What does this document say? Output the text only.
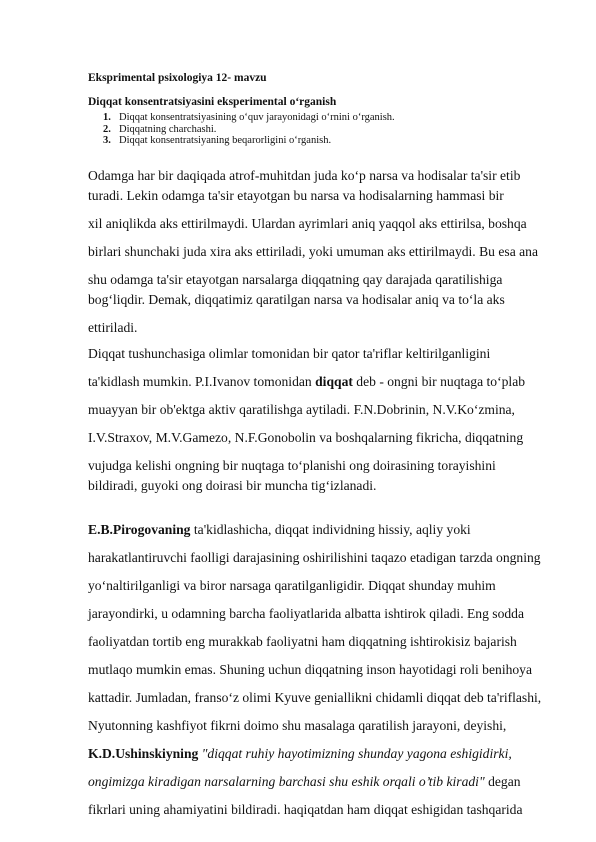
Eksprimental psixologiya 12- mavzu
Diqqat konsentratsiyasini eksperimental o‘rganish
1. Diqqat konsentratsiyasining o‘quv jarayonidagi o‘rnini o‘rganish.
2. Diqqatning charchashi.
3. Diqqat konsentratsiyaning beqarorligini o‘rganish.
Odamga har bir daqiqada atrof-muhitdan juda ko‘p narsa va hodisalar ta'sir etib
turadi. Lekin odamga ta'sir etayotgan bu narsa va hodisalarning hammasi bir
xil aniqlikda aks ettirilmaydi. Ulardan ayrimlari aniq yaqqol aks ettirilsa, boshqa
birlari shunchaki juda xira aks ettiriladi, yoki umuman aks ettirilmaydi. Bu esa ana
shu odamga ta'sir etayotgan narsalarga diqqatning qay darajada qaratilishiga
bog‘liqdir. Demak, diqqatimiz qaratilgan narsa va hodisalar aniq va to‘la aks
ettiriladi.
Diqqat tushunchasiga olimlar tomonidan bir qator ta'riflar keltirilganligini
ta'kidlash mumkin. P.I.Ivanov tomonidan diqqat deb - ongni bir nuqtaga to‘plab
muayyan bir ob'ektga aktiv qaratilishga aytiladi. F.N.Dobrinin, N.V.Ko‘zmina,
I.V.Straxov, M.V.Gamezo, N.F.Gonobolin va boshqalarning fikricha, diqqatning
vujudga kelishi ongning bir nuqtaga to‘planishi ong doirasining torayishini
bildiradi, guyoki ong doirasi bir muncha tig‘izlanadi.
E.B.Pirogovaning ta'kidlashicha, diqqat individning hissiy, aqliy yoki
harakatlantiruvchi faolligi darajasining oshirilishini taqazo etadigan tarzda ongning
yo‘naltirilganligi va biror narsaga qaratilganligidir. Diqqat shunday muhim
jarayondirki, u odamning barcha faoliyatlarida albatta ishtirok qiladi. Eng sodda
faoliyatdan tortib eng murakkab faoliyatni ham diqqatning ishtirokisiz bajarish
mutlaqo mumkin emas. Shuning uchun diqqatning inson hayotidagi roli benihoya
kattadir. Jumladan, franso‘z olimi Kyuve geniallikni chidamli diqqat deb ta'riflashi,
Nyutonning kashfiyot fikrni doimo shu masalaga qaratilish jarayoni, deyishi,
K.D.Ushinskiyning "diqqat ruhiy hayotimizning shunday yagona eshigidirki,
ongimizga kiradigan narsalarning barchasi shu eshik orqali o’tib kiradi" degan
fikrlari uning ahamiyatini bildiradi. haqiqatdan ham diqqat eshigidan tashqarida
